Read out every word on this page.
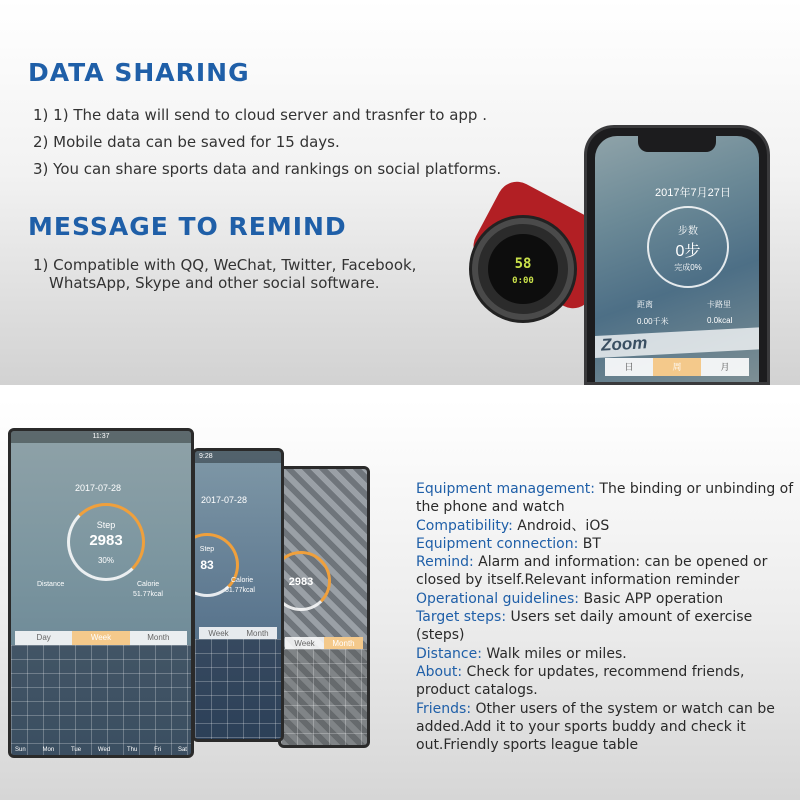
DATA SHARING
1) 1) The data will send to cloud server and trasnfer to app .
2) Mobile data can be saved for 15 days.
3) You can share sports data and rankings on social platforms.
MESSAGE TO REMIND
1) Compatible with QQ, WeChat, Twitter, Facebook,
WhatsApp, Skype and other social software.
2017年7月27日
步数
0步
完成0%
距离	卡路里
0.00千米	0.0kcal
Zoom
日	周	月
58
0:00
2983
Week	Month
9:28
2017-07-28
Step
83
Calorie
51.77kcal
Week	Month
11:37
2017-07-28
Step
2983
30%
Distance	Calorie
51.77kcal
Day	Week	Month
Sun	Mon	Tue	Wed	Thu	Fri	Sat

Equipment management: The binding or unbinding of the phone and watch

Compatibility: Android、iOS

Equipment connection: BT

Remind: Alarm and information: can be opened or closed by itself.Relevant information reminder

Operational guidelines: Basic APP operation

Target steps: Users set daily amount of exercise (steps)

Distance: Walk miles or miles.

About: Check for updates, recommend friends, product catalogs.

Friends: Other users of the system or watch can be added.Add it to your sports buddy and check it out.Friendly sports league table
